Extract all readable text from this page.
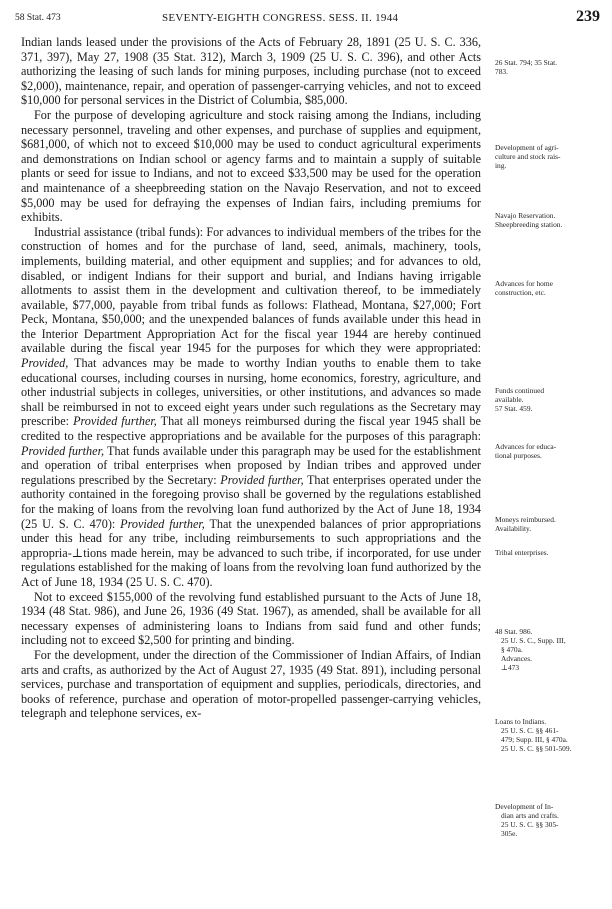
58 Stat. 473	SEVENTY-EIGHTH CONGRESS. SESS. II. 1944	239

Indian lands leased under the provisions of the Acts of February 28, 1891 (25 U. S. C. 336, 371, 397), May 27, 1908 (35 Stat. 312), March 3, 1909 (25 U. S. C. 396), and other Acts authorizing the leasing of such lands for mining purposes, including purchase (not to exceed $2,000), maintenance, repair, and operation of passenger-carrying vehicles, and not to exceed $10,000 for personal services in the District of Columbia, $85,000.

For the purpose of developing agriculture and stock raising among the Indians, including necessary personnel, traveling and other expenses, and purchase of supplies and equipment, $681,000, of which not to exceed $10,000 may be used to conduct agricultural experiments and demonstrations on Indian school or agency farms and to maintain a supply of suitable plants or seed for issue to Indians, and not to exceed $33,500 may be used for the operation and maintenance of a sheepbreeding station on the Navajo Reservation, and not to exceed $5,000 may be used for defraying the expenses of Indian fairs, including premiums for exhibits.

Industrial assistance (tribal funds): For advances to individual members of the tribes for the construction of homes and for the purchase of land, seed, animals, machinery, tools, implements, building material, and other equipment and supplies; and for advances to old, disabled, or indigent Indians for their support and burial, and Indians having irrigable allotments to assist them in the development and cultivation thereof, to be immediately available, $77,000, payable from tribal funds as follows: Flathead, Montana, $27,000; Fort Peck, Montana, $50,000; and the unexpended balances of funds available under this head in the Interior Department Appropriation Act for the fiscal year 1944 are hereby continued available during the fiscal year 1945 for the purposes for which they were appropriated: Provided, That advances may be made to worthy Indian youths to enable them to take educational courses, including courses in nursing, home economics, forestry, agriculture, and other industrial subjects in colleges, universities, or other institutions, and advances so made shall be reimbursed in not to exceed eight years under such regulations as the Secretary may prescribe: Provided further, That all moneys reimbursed during the fiscal year 1945 shall be credited to the respective appropriations and be available for the purposes of this paragraph: Provided further, That funds available under this paragraph may be used for the establishment and operation of tribal enterprises when proposed by Indian tribes and approved under regulations prescribed by the Secretary: Provided further, That enterprises operated under the authority contained in the foregoing proviso shall be governed by the regulations established for the making of loans from the revolving loan fund authorized by the Act of June 18, 1934 (25 U. S. C. 470): Provided further, That the unexpended balances of prior appropriations under this head for any tribe, including reimbursements to such appropriations and the appropria-⊥tions made herein, may be advanced to such tribe, if incorporated, for use under regulations established for the making of loans from the revolving loan fund authorized by the Act of June 18, 1934 (25 U. S. C. 470).

Not to exceed $155,000 of the revolving fund established pursuant to the Acts of June 18, 1934 (48 Stat. 986), and June 26, 1936 (49 Stat. 1967), as amended, shall be available for all necessary expenses of administering loans to Indians from said fund and other funds; including not to exceed $2,500 for printing and binding.

For the development, under the direction of the Commissioner of Indian Affairs, of Indian arts and crafts, as authorized by the Act of August 27, 1935 (49 Stat. 891), including personal services, purchase and transportation of equipment and supplies, periodicals, directories, and books of reference, purchase and operation of motor-propelled passenger-carrying vehicles, telegraph and telephone services, ex-

26 Stat. 794; 35 Stat.
783.
Development of agri-
culture and stock rais-
ing.
Navajo Reservation.
Sheepbreeding station.
Advances for home
construction, etc.
Funds continued
available.
57 Stat. 459.
Advances for educa-
tional purposes.
Moneys reimbursed.
Availability.
Tribal enterprises.
48 Stat. 986.
25 U. S. C., Supp. III,
§ 470a.
Advances.
⊥473
Loans to Indians.
25 U. S. C. §§ 461-
479; Supp. III, § 470a.
25 U. S. C. §§ 501-509.
Development of In-
dian arts and crafts.
25 U. S. C. §§ 305-
305e.
